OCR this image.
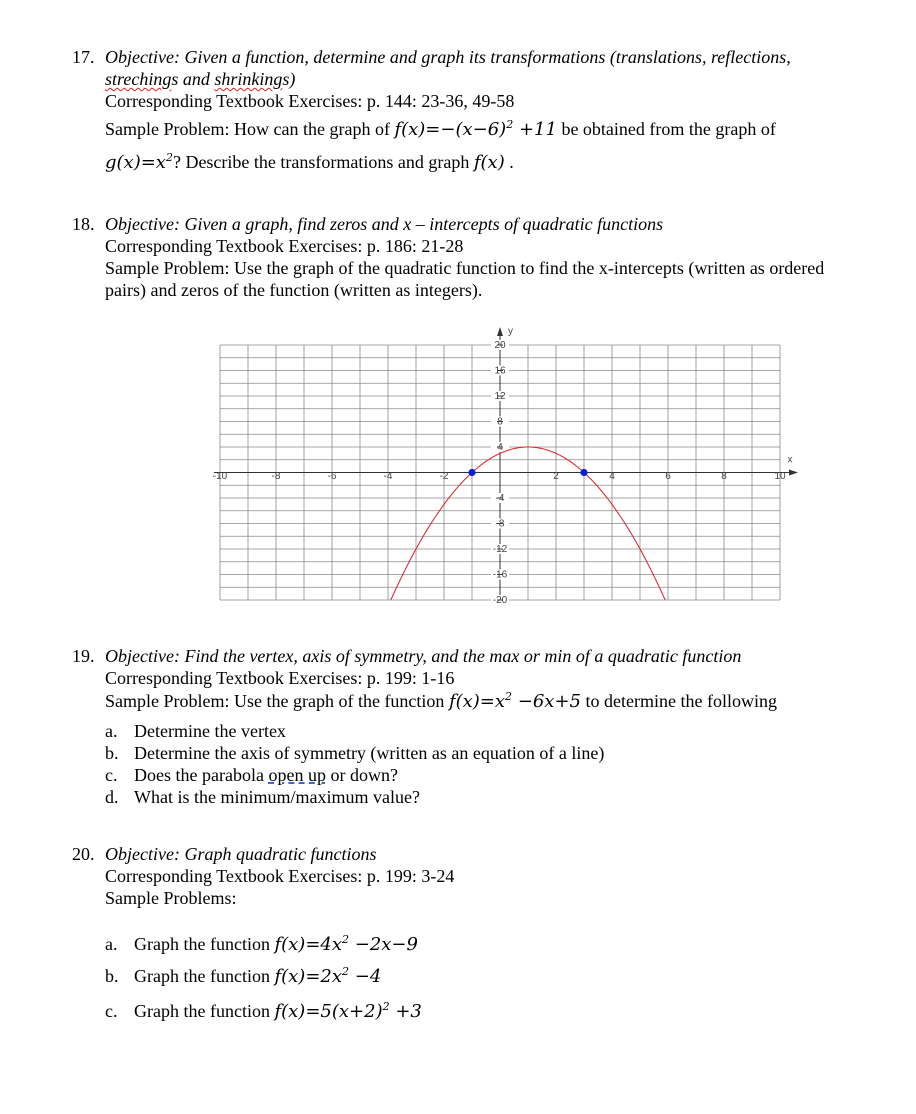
17. Objective: Given a function, determine and graph its transformations (translations, reflections,
strechings and shrinkings)
Corresponding Textbook Exercises: p. 144: 23-36, 49-58
Sample Problem: How can the graph of $f(x)=-(x-6)^2 +11$ be obtained from the graph of
$g(x)=x^2$? Describe the transformations and graph f(x) .
18. Objective: Given a graph, find zeros and x – intercepts of quadratic functions
Corresponding Textbook Exercises: p. 186: 21-28
Sample Problem: Use the graph of the quadratic function to find the x-intercepts (written as ordered
pairs) and zeros of the function (written as integers).
x
y
-10	-8	-6	-4	-2	2	4	6	8	10
20
16
12
8
4
-4
-8
-12
-16
-20
19. Objective: Find the vertex, axis of symmetry, and the max or min of a quadratic function
Corresponding Textbook Exercises: p. 199: 1-16
Sample Problem: Use the graph of the function $f(x)=x^2 -6x+5$ to determine the following
a. Determine the vertex
b. Determine the axis of symmetry (written as an equation of a line)
c. Does the parabola open up or down?
d. What is the minimum/maximum value?
20. Objective: Graph quadratic functions
Corresponding Textbook Exercises: p. 199: 3-24
Sample Problems:
a. Graph the function $f(x)=4x^2 -2x-9$
b. Graph the function $f(x)=2x^2 -4$
c. Graph the function $f(x)=5(x+2)^2 +3$
